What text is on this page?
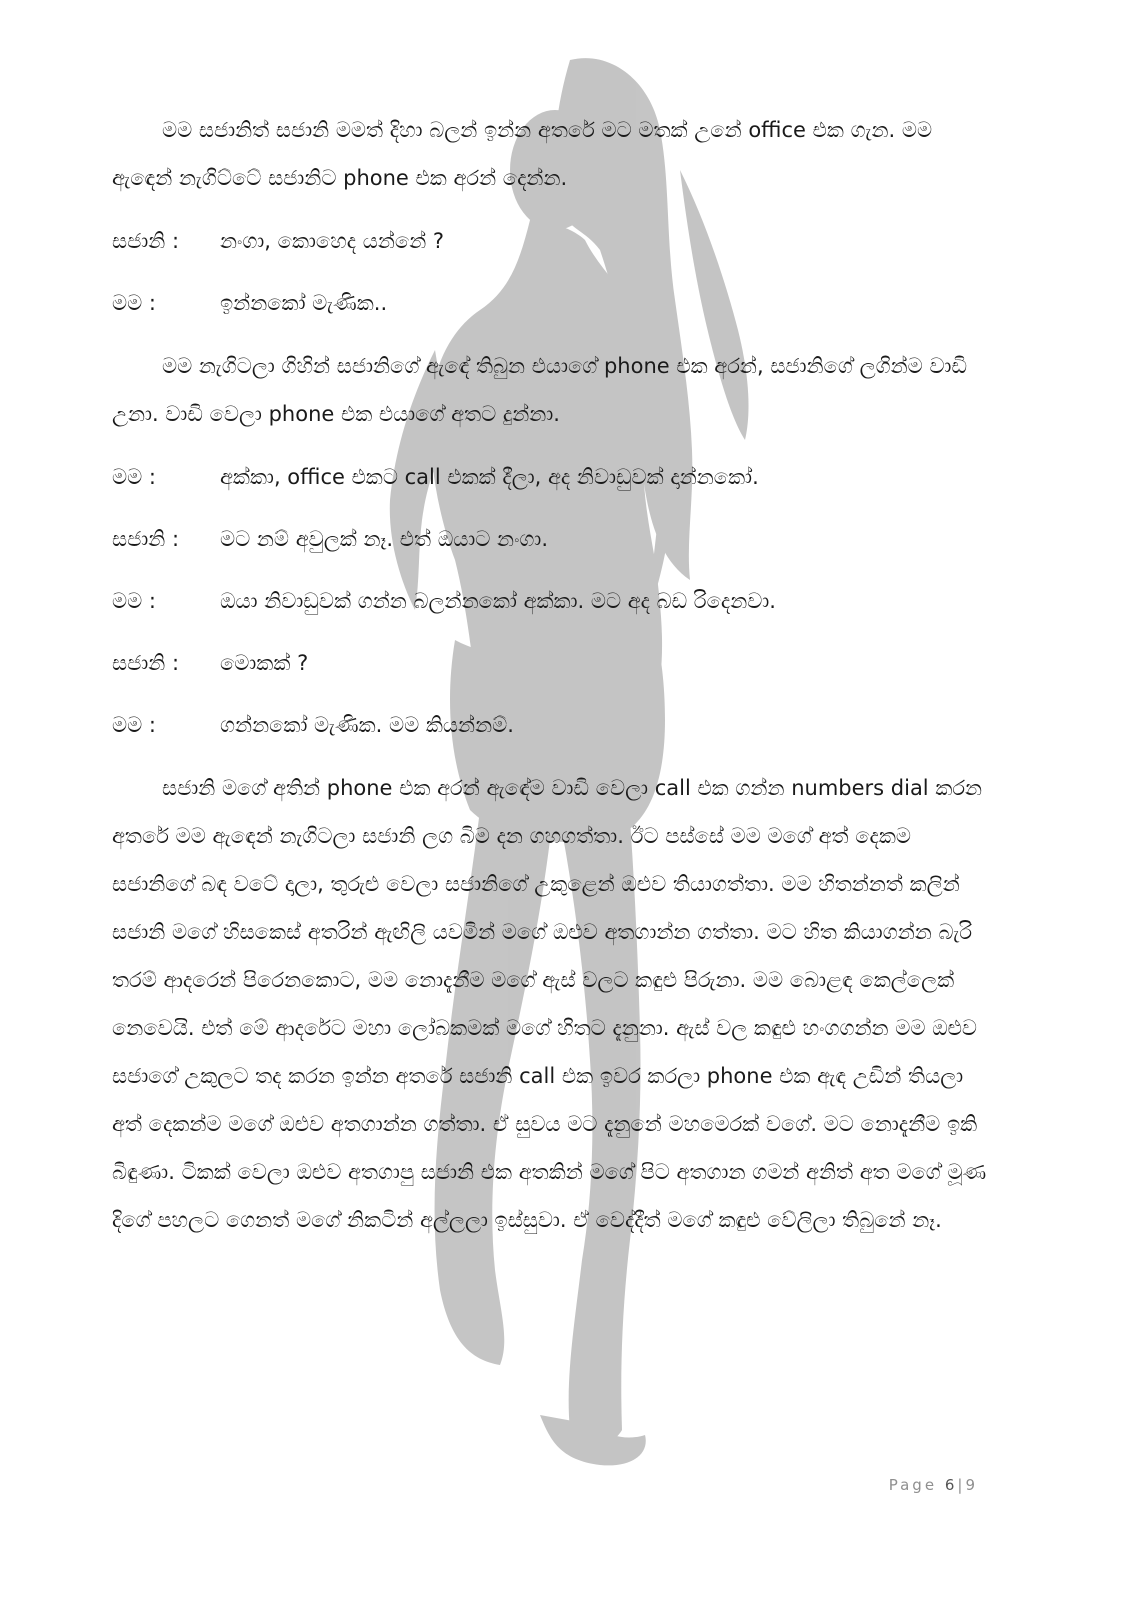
මම සජානිත් සජානි මමත් දිහා බලන් ඉන්න අතරේ මට මතක් උනේ office එක ගැන. මම ඇඳෙන් නැගිට්ටේ සජානිට phone එක අරන් දෙන්න.

සජානි :	නංගා, කොහෙද යන්නේ ?
මම :	ඉන්නකෝ මැණික..

මම නැගිටලා ගිහින් සජානිගේ ඇඳේ තිබුන එයාගේ phone එක අරන්, සජානිගේ ලගින්ම වාඩි උනා. වාඩි වෙලා phone එක එයාගේ අතට දුන්නා.

මම :	අක්කා, office එකට call එකක් දීලා, අද නිවාඩුවක් දාන්නකෝ.
සජානි :	මට නම් අවුලක් නෑ. එත් ඔයාට නංගා.
මම :	ඔයා නිවාඩුවක් ගන්න බලන්නකෝ අක්කා. මට අද බඩ රිදෙනවා.
සජානි :	මොකක් ?
මම :	ගන්නකෝ මැණික. මම කියන්නම්.

සජානි මගේ අතින් phone එක අරන් ඇඳේම වාඩි වෙලා call එක ගන්න numbers dial කරන අතරේ මම ඇඳෙන් නැගිටලා සජානි ලග බිම දන ගහගත්තා. ඊට පස්සේ මම මගේ අත් දෙකම සජානිගේ බඳ වටේ දාලා, තුරුළු වෙලා සජානිගේ උකුළෙන් ඔළුව තියාගත්තා. මම හිතන්නත් කලින් සජානි මගේ හිසකෙස් අතරින් ඇඟිලි යවමින් මගේ ඔළුව අතගාන්න ගත්තා. මට හිත කියාගන්න බැරි තරම් ආදරෙන් පිරෙනකොට, මම නොදැනීම මගේ ඇස් වලට කඳුළු පිරුනා. මම බොළඳ කෙල්ලෙක් නෙවෙයි. එත් මේ ආදරේට මහා ලෝබකමක් මගේ හිතට දැනුනා. ඇස් වල කඳුළු හංගගන්න මම ඔළුව සජාගේ උකුලට තද කරන ඉන්න අතරේ සජානි call එක ඉවර කරලා phone එක ඇඳ උඩින් තියලා අත් දෙකන්ම මගේ ඔළුව අතගාන්න ගත්තා. ඒ සුවය මට දැනුනේ මහමෙරක් වගේ. මට නොදැනීම ඉකි බිඳුණා. ටිකක් වෙලා ඔළුව අතගාපු සජානි එක අතකින් මගේ පිට අතගාන ගමන් අනිත් අත මගේ මූණ දිගේ පහලට ගෙනත් මගේ නිකටින් අල්ලලා ඉස්සුවා. ඒ වෙද්දීත් මගේ කඳුළු වේලිලා තිබුනේ නෑ.

Page 6|9
